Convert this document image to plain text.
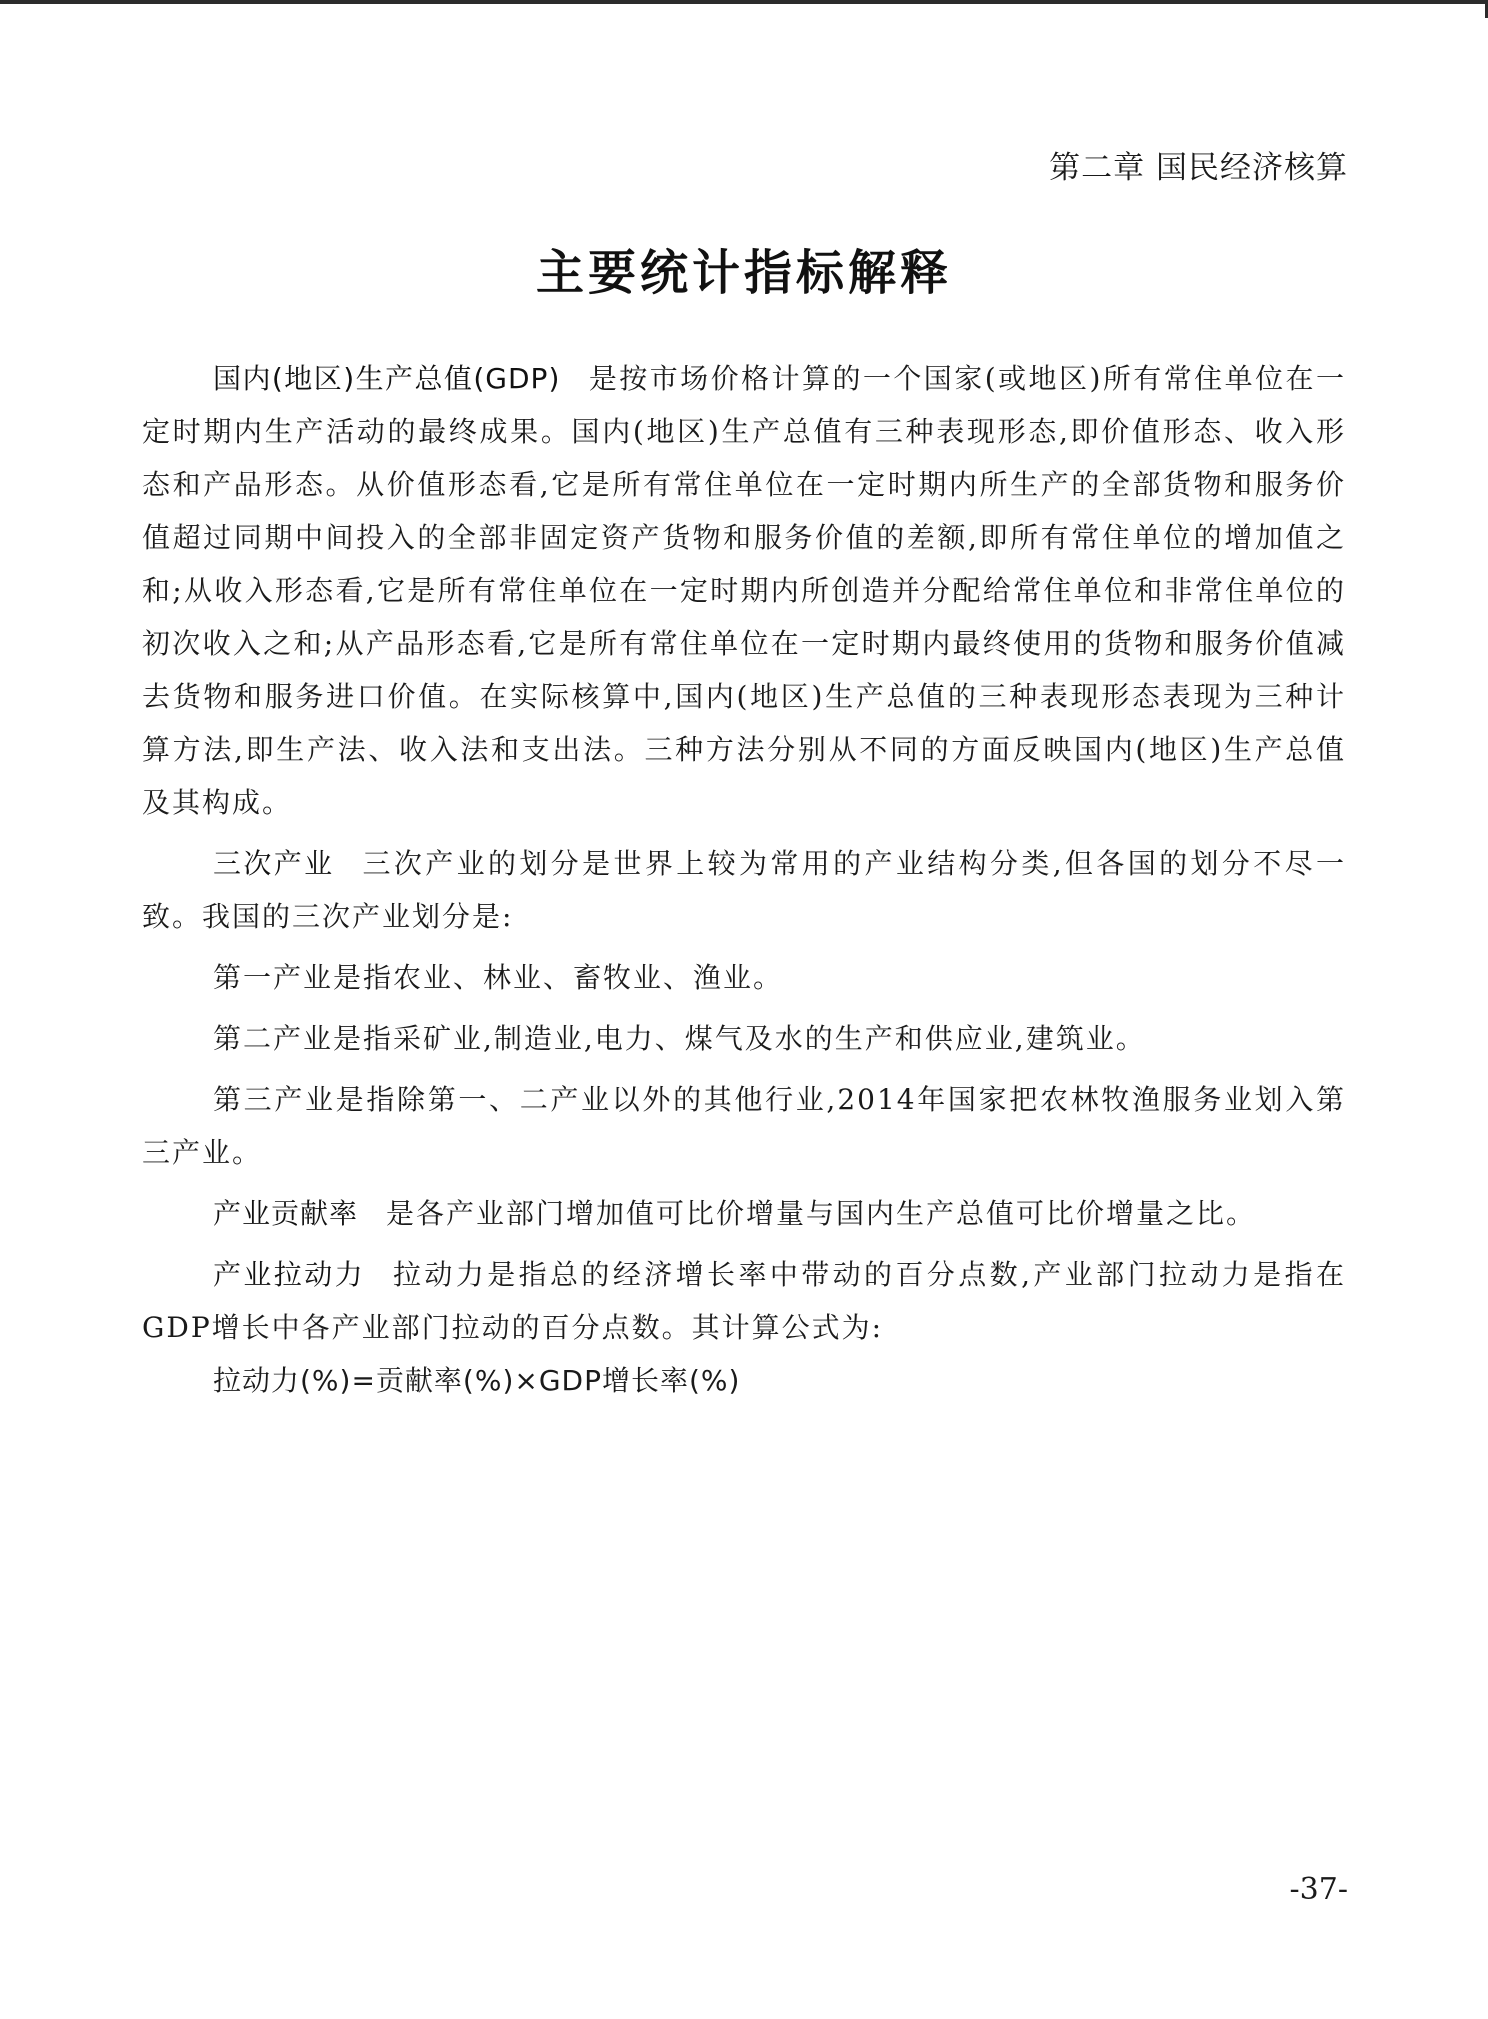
第二章 国民经济核算
主要统计指标解释

国内(地区)生产总值(GDP) 是按市场价格计算的一个国家(或地区)所有常住单位在一定时期内生产活动的最终成果。国内(地区)生产总值有三种表现形态,即价值形态、收入形态和产品形态。从价值形态看,它是所有常住单位在一定时期内所生产的全部货物和服务价值超过同期中间投入的全部非固定资产货物和服务价值的差额,即所有常住单位的增加值之和;从收入形态看,它是所有常住单位在一定时期内所创造并分配给常住单位和非常住单位的初次收入之和;从产品形态看,它是所有常住单位在一定时期内最终使用的货物和服务价值减去货物和服务进口价值。在实际核算中,国内(地区)生产总值的三种表现形态表现为三种计算方法,即生产法、收入法和支出法。三种方法分别从不同的方面反映国内(地区)生产总值及其构成。

三次产业 三次产业的划分是世界上较为常用的产业结构分类,但各国的划分不尽一致。我国的三次产业划分是:

第一产业是指农业、林业、畜牧业、渔业。

第二产业是指采矿业,制造业,电力、煤气及水的生产和供应业,建筑业。

第三产业是指除第一、二产业以外的其他行业,2014年国家把农林牧渔服务业划入第三产业。

产业贡献率 是各产业部门增加值可比价增量与国内生产总值可比价增量之比。

产业拉动力 拉动力是指总的经济增长率中带动的百分点数,产业部门拉动力是指在GDP增长中各产业部门拉动的百分点数。其计算公式为:

拉动力(%)=贡献率(%)×GDP增长率(%)

-37-
